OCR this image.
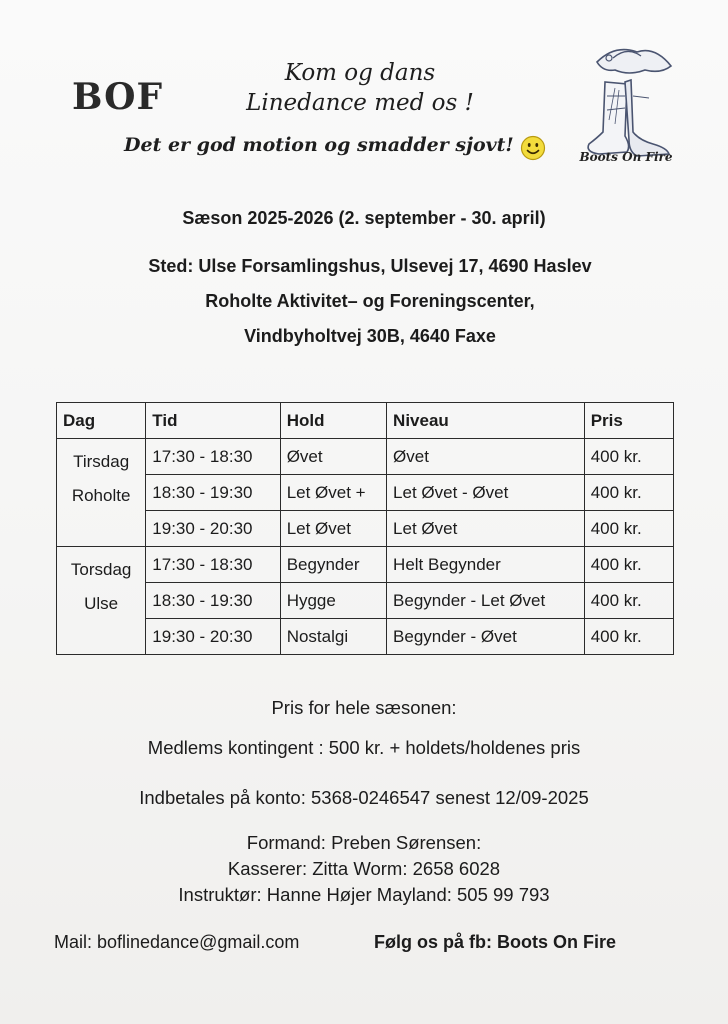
BOF
Kom og dans
Linedance med os !
Det er god motion og smadder sjovt!
Boots On Fire
Sæson 2025-2026 (2. september - 30. april)
Sted: Ulse Forsamlingshus, Ulsevej 17, 4690 Haslev
Roholte Aktivitet– og Foreningscenter,
Vindbyholtvej 30B, 4640 Faxe
Dag	Tid	Hold	Niveau	Pris

Tirsdag
Roholte	17:30 - 18:30	Øvet	Øvet	400 kr.
	18:30 - 19:30	Let Øvet +	Let Øvet - Øvet	400 kr.
	19:30 - 20:30	Let Øvet	Let Øvet	400 kr.

Torsdag
Ulse	17:30 - 18:30	Begynder	Helt Begynder	400 kr.
	18:30 - 19:30	Hygge	Begynder - Let Øvet	400 kr.
	19:30 - 20:30	Nostalgi	Begynder - Øvet	400 kr.
Pris for hele sæsonen:
Medlems kontingent : 500 kr. + holdets/holdenes pris
Indbetales på konto: 5368-0246547 senest 12/09-2025
Formand: Preben Sørensen:
Kasserer: Zitta Worm: 2658 6028
Instruktør: Hanne Højer Mayland: 505 99 793
Mail: boflinedance@gmail.com	Følg os på fb: Boots On Fire
